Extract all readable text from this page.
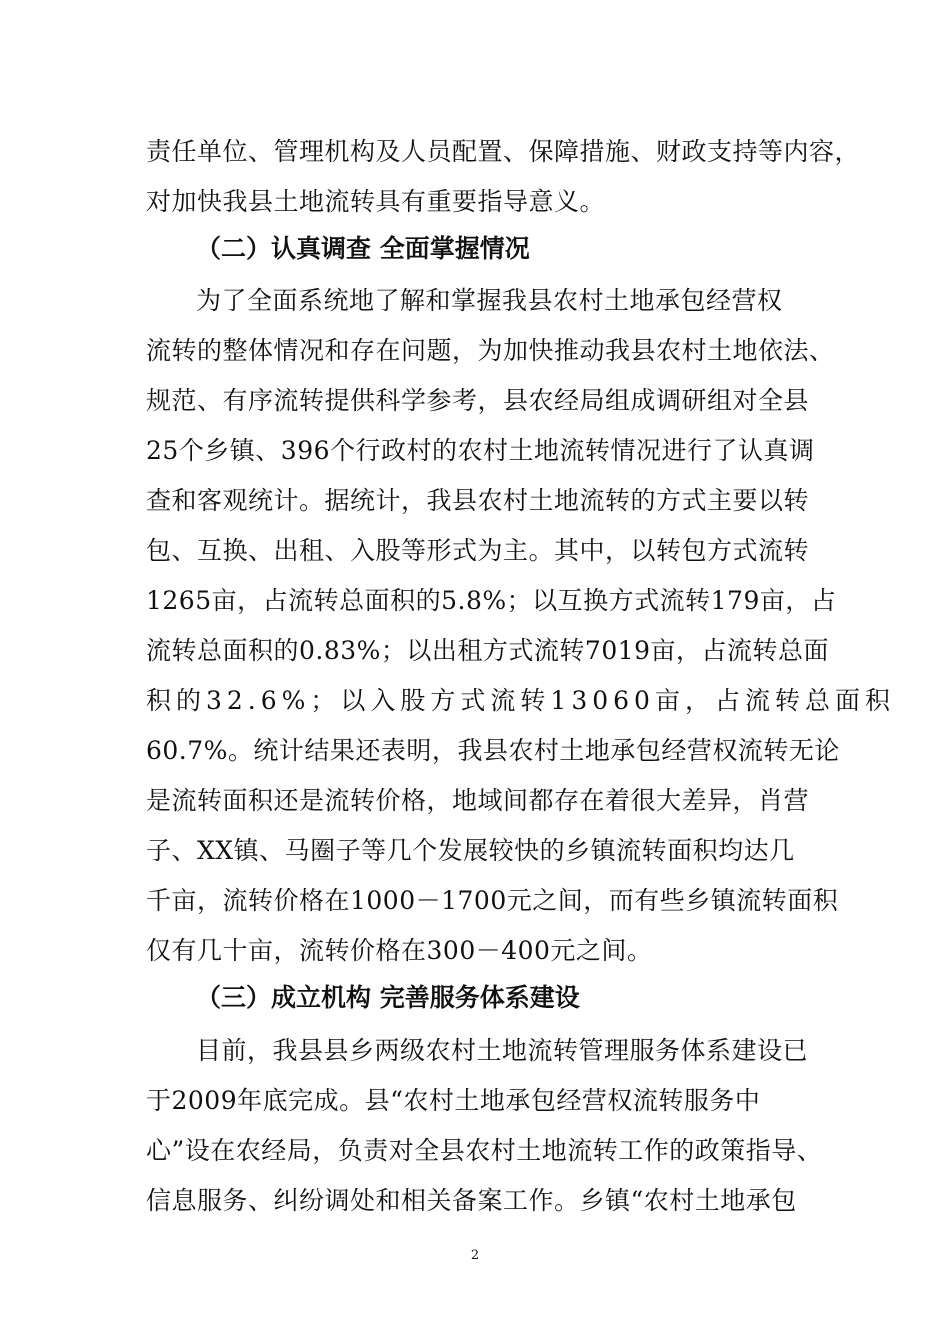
责任单位、管理机构及人员配置、保障措施、财政支持等内容，
对加快我县土地流转具有重要指导意义。
（二）认真调查 全面掌握情况
为了全面系统地了解和掌握我县农村土地承包经营权
流转的整体情况和存在问题，为加快推动我县农村土地依法、
规范、有序流转提供科学参考，县农经局组成调研组对全县
25个乡镇、396个行政村的农村土地流转情况进行了认真调
查和客观统计。据统计，我县农村土地流转的方式主要以转
包、互换、出租、入股等形式为主。其中，以转包方式流转
1265亩，占流转总面积的5.8%；以互换方式流转179亩，占
流转总面积的0.83%；以出租方式流转7019亩，占流转总面
积的32.6%；以入股方式流转13060亩，占流转总面积
60.7%。统计结果还表明，我县农村土地承包经营权流转无论
是流转面积还是流转价格，地域间都存在着很大差异，肖营
子、XX镇、马圈子等几个发展较快的乡镇流转面积均达几
千亩，流转价格在1000－1700元之间，而有些乡镇流转面积
仅有几十亩，流转价格在300－400元之间。
（三）成立机构 完善服务体系建设
目前，我县县乡两级农村土地流转管理服务体系建设已
于2009年底完成。县“农村土地承包经营权流转服务中
心”设在农经局，负责对全县农村土地流转工作的政策指导、
信息服务、纠纷调处和相关备案工作。乡镇“农村土地承包
2
